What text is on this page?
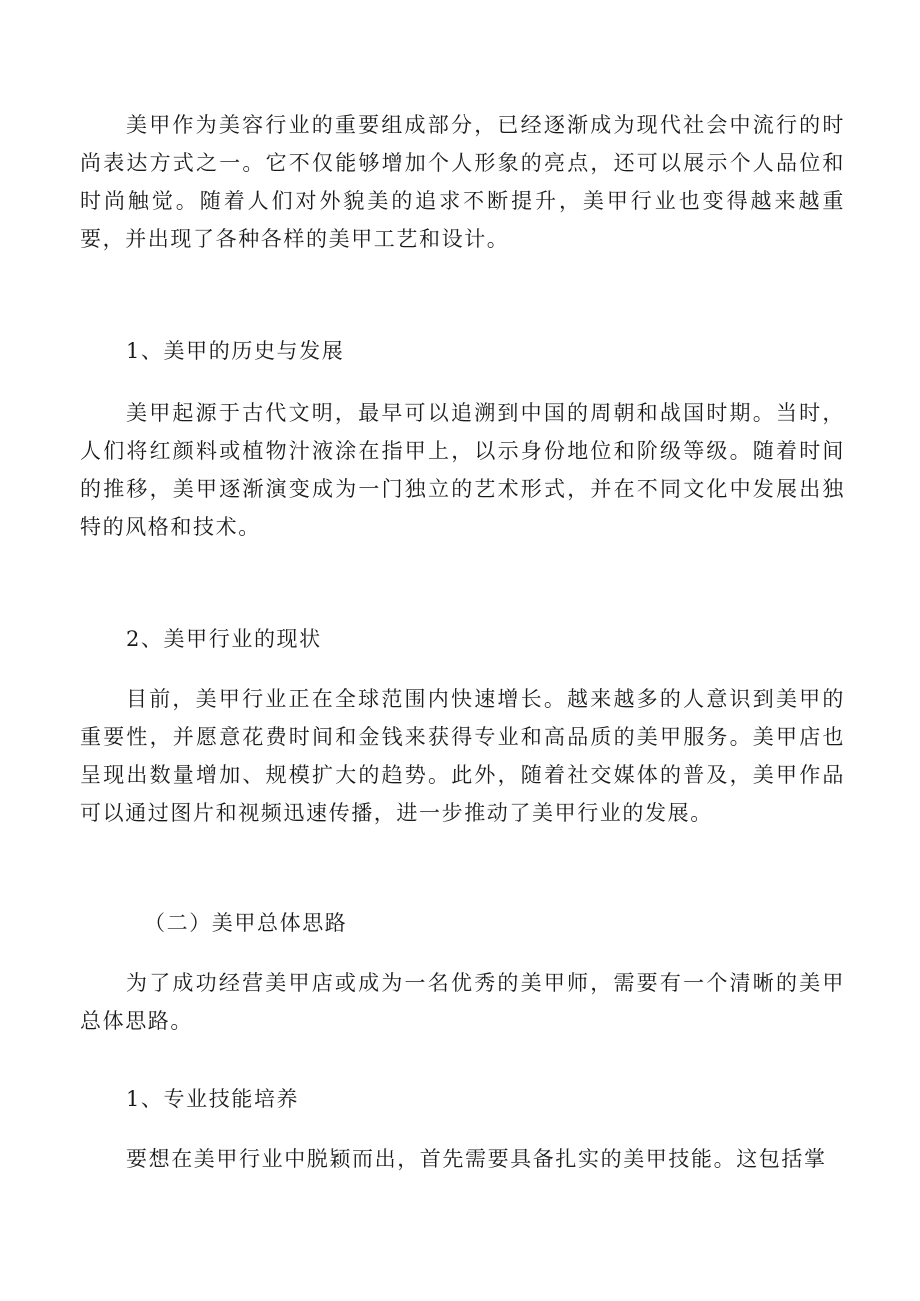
美甲作为美容行业的重要组成部分，已经逐渐成为现代社会中流行的时尚表达方式之一。它不仅能够增加个人形象的亮点，还可以展示个人品位和时尚触觉。随着人们对外貌美的追求不断提升，美甲行业也变得越来越重要，并出现了各种各样的美甲工艺和设计。

1、美甲的历史与发展

美甲起源于古代文明，最早可以追溯到中国的周朝和战国时期。当时，人们将红颜料或植物汁液涂在指甲上，以示身份地位和阶级等级。随着时间的推移，美甲逐渐演变成为一门独立的艺术形式，并在不同文化中发展出独特的风格和技术。

2、美甲行业的现状

目前，美甲行业正在全球范围内快速增长。越来越多的人意识到美甲的重要性，并愿意花费时间和金钱来获得专业和高品质的美甲服务。美甲店也呈现出数量增加、规模扩大的趋势。此外，随着社交媒体的普及，美甲作品可以通过图片和视频迅速传播，进一步推动了美甲行业的发展。

（二）美甲总体思路

为了成功经营美甲店或成为一名优秀的美甲师，需要有一个清晰的美甲总体思路。

1、专业技能培养

要想在美甲行业中脱颖而出，首先需要具备扎实的美甲技能。这包括掌
